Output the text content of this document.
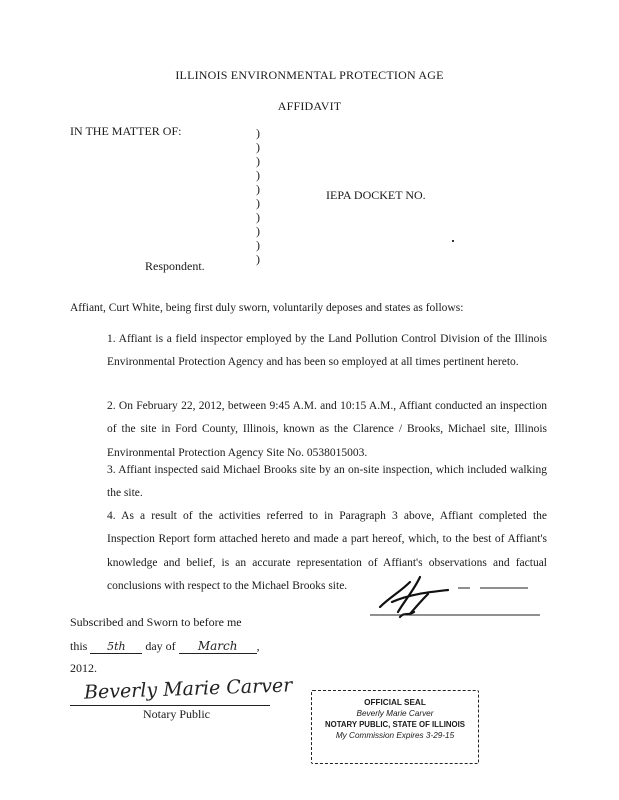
ILLINOIS ENVIRONMENTAL PROTECTION AGE
AFFIDAVIT
IN THE MATTER OF:	)
)
)
)
)
)
)
)
)
)
IEPA DOCKET NO.
Respondent.
Affiant, Curt White, being first duly sworn, voluntarily deposes and states as follows:
1. Affiant is a field inspector employed by the Land Pollution Control Division of the Illinois Environmental Protection Agency and has been so employed at all times pertinent hereto.
2. On February 22, 2012, between 9:45 A.M. and 10:15 A.M., Affiant conducted an inspection of the site in Ford County, Illinois, known as the Clarence / Brooks, Michael site, Illinois Environmental Protection Agency Site No. 0538015003.
3. Affiant inspected said Michael Brooks site by an on-site inspection, which included walking the site.
4. As a result of the activities referred to in Paragraph 3 above, Affiant completed the Inspection Report form attached hereto and made a part hereof, which, to the best of Affiant's knowledge and belief, is an accurate representation of Affiant's observations and factual conclusions with respect to the Michael Brooks site.
Subscribed and Sworn to before me
this 5th day of March ,
2012.
Beverly Marie Carver
Notary Public
OFFICIAL SEAL
Beverly Marie Carver
NOTARY PUBLIC, STATE OF ILLINOIS
My Commission Expires 3-29-15
